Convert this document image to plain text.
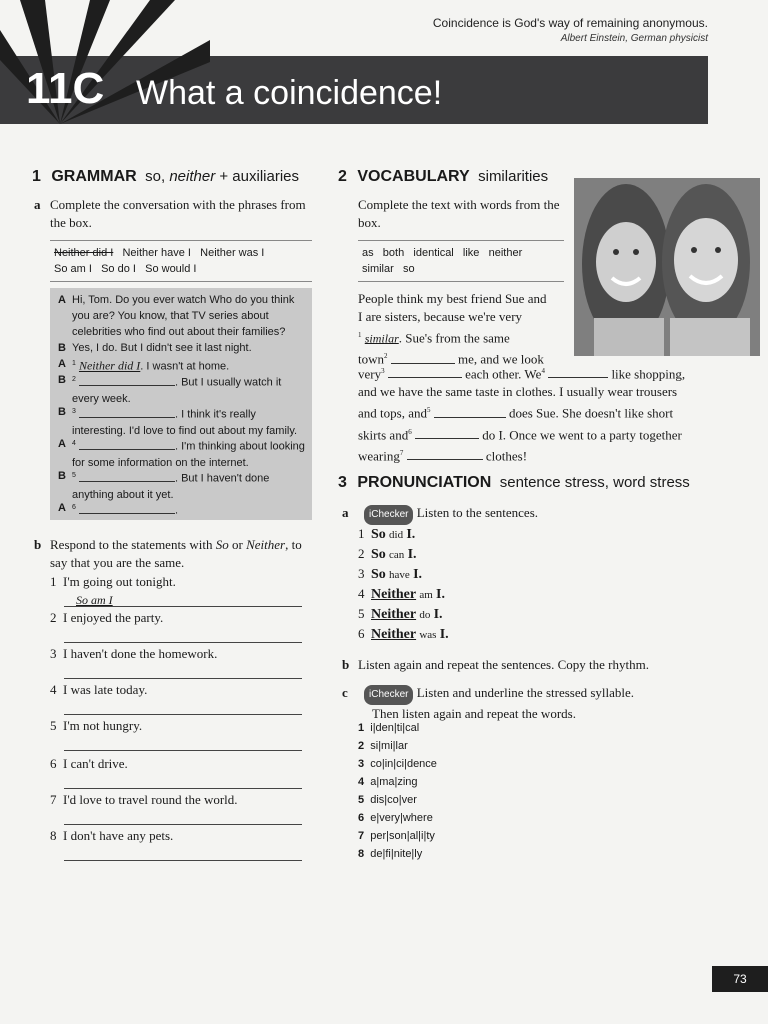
Coincidence is God's way of remaining anonymous.
Albert Einstein, German physicist
11C What a coincidence!
1 GRAMMAR so, neither + auxiliaries
a Complete the conversation with the phrases from the box.
Neither did I Neither have I Neither was I
So am I So do I So would I
A Hi, Tom. Do you ever watch Who do you think you are? You know, that TV series about celebrities who find out about their families?
B Yes, I do. But I didn't see it last night.
A $^1$ Neither did I. I wasn't at home.
B $^2$	. But I usually watch it every week.
B $^3$	. I think it's really interesting. I'd love to find out about my family.
A $^4$	. I'm thinking about looking for some information on the internet.
B $^5$	. But I haven't done anything about it yet.
A $^6$	.
b Respond to the statements with So or Neither, to say that you are the same.
1 I'm going out tonight.
So am I
2 I enjoyed the party.
3 I haven't done the homework.
4 I was late today.
5 I'm not hungry.
6 I can't drive.
7 I'd love to travel round the world.
8 I don't have any pets.
2 VOCABULARY similarities
Complete the text with words from the box.
as both identical like neither
similar so
People think my best friend Sue and
I are sisters, because we're very
$^1$ similar. Sue's from the same
town$^2$	me, and we look
very$^3$	each other. We$^4$	like shopping,
and we have the same taste in clothes. I usually wear trousers
and tops, and$^5$	does Sue. She doesn't like short
skirts and$^6$	do I. Once we went to a party together
wearing$^7$	clothes!
3 PRONUNCIATION sentence stress, word stress
a	iChecker Listen to the sentences.
1 So did I.
2 So can I.
3 So have I.
4 Neither am I.
5 Neither do I.
6 Neither was I.
b Listen again and repeat the sentences. Copy the rhythm.
c	iChecker Listen and underline the stressed syllable.
Then listen again and repeat the words.
1 i|den|ti|cal
2 si|mi|lar
3 co|in|ci|dence
4 a|ma|zing
5 dis|co|ver
6 e|very|where
7 per|son|al|i|ty
8 de|fi|nite|ly
73
